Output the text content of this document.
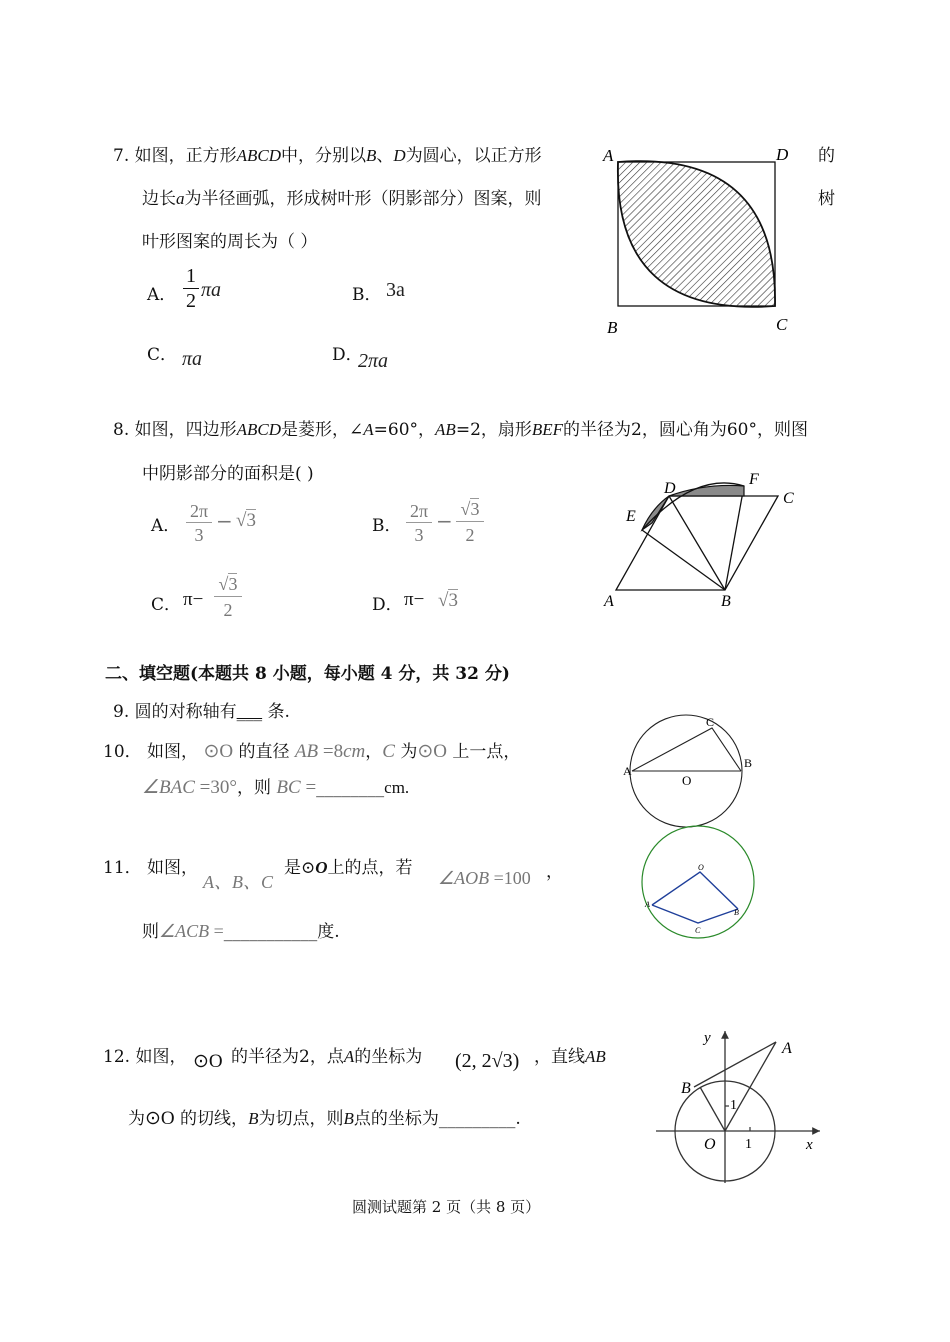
7. 如图，正方形ABCD中，分别以B、D为圆心，以正方形	的
边长a为半径画弧，形成树叶形（阴影部分）图案，则	树
叶形图案的周长为（ ）
A． $\frac{1}{2}$ πa	B． 3a
C． πa	D．
2πa
A	D
B	C
8. 如图，四边形ABCD是菱形，∠A=60°，AB=2，扇形BEF的半径为2，圆心角为60°，则图
中阴影部分的面积是( )
A． $\frac{2\pi}{3} - √3$	B． $\frac{2\pi}{3} - \frac{√3}{2}$
C． $\pi- \frac{√3}{2}$	D． π− √3	A	B
C
D
E
F
二、填空题(本题共 8 小题，每小题 4 分，共 32 分)
9. 圆的对称轴有___ 条.
10． 如图， ⊙O 的直径 AB =8cm，C 为⊙O 上一点，
∠BAC =30°，则 BC =________cm.
A
B
C
O
11． 如图，
A、B、C
是⊙O上的点，若 ∠AOB =100 ，
则∠ACB =___________度.
O
A
B
C
12. 如图， ⊙O 的半径为2，点A的坐标为 (2, 2√3) ，直线AB
为⊙O 的切线，B为切点，则B点的坐标为_________.
y
x
A
B
O 1
1
圆测试题第 2 页（共 8 页）
